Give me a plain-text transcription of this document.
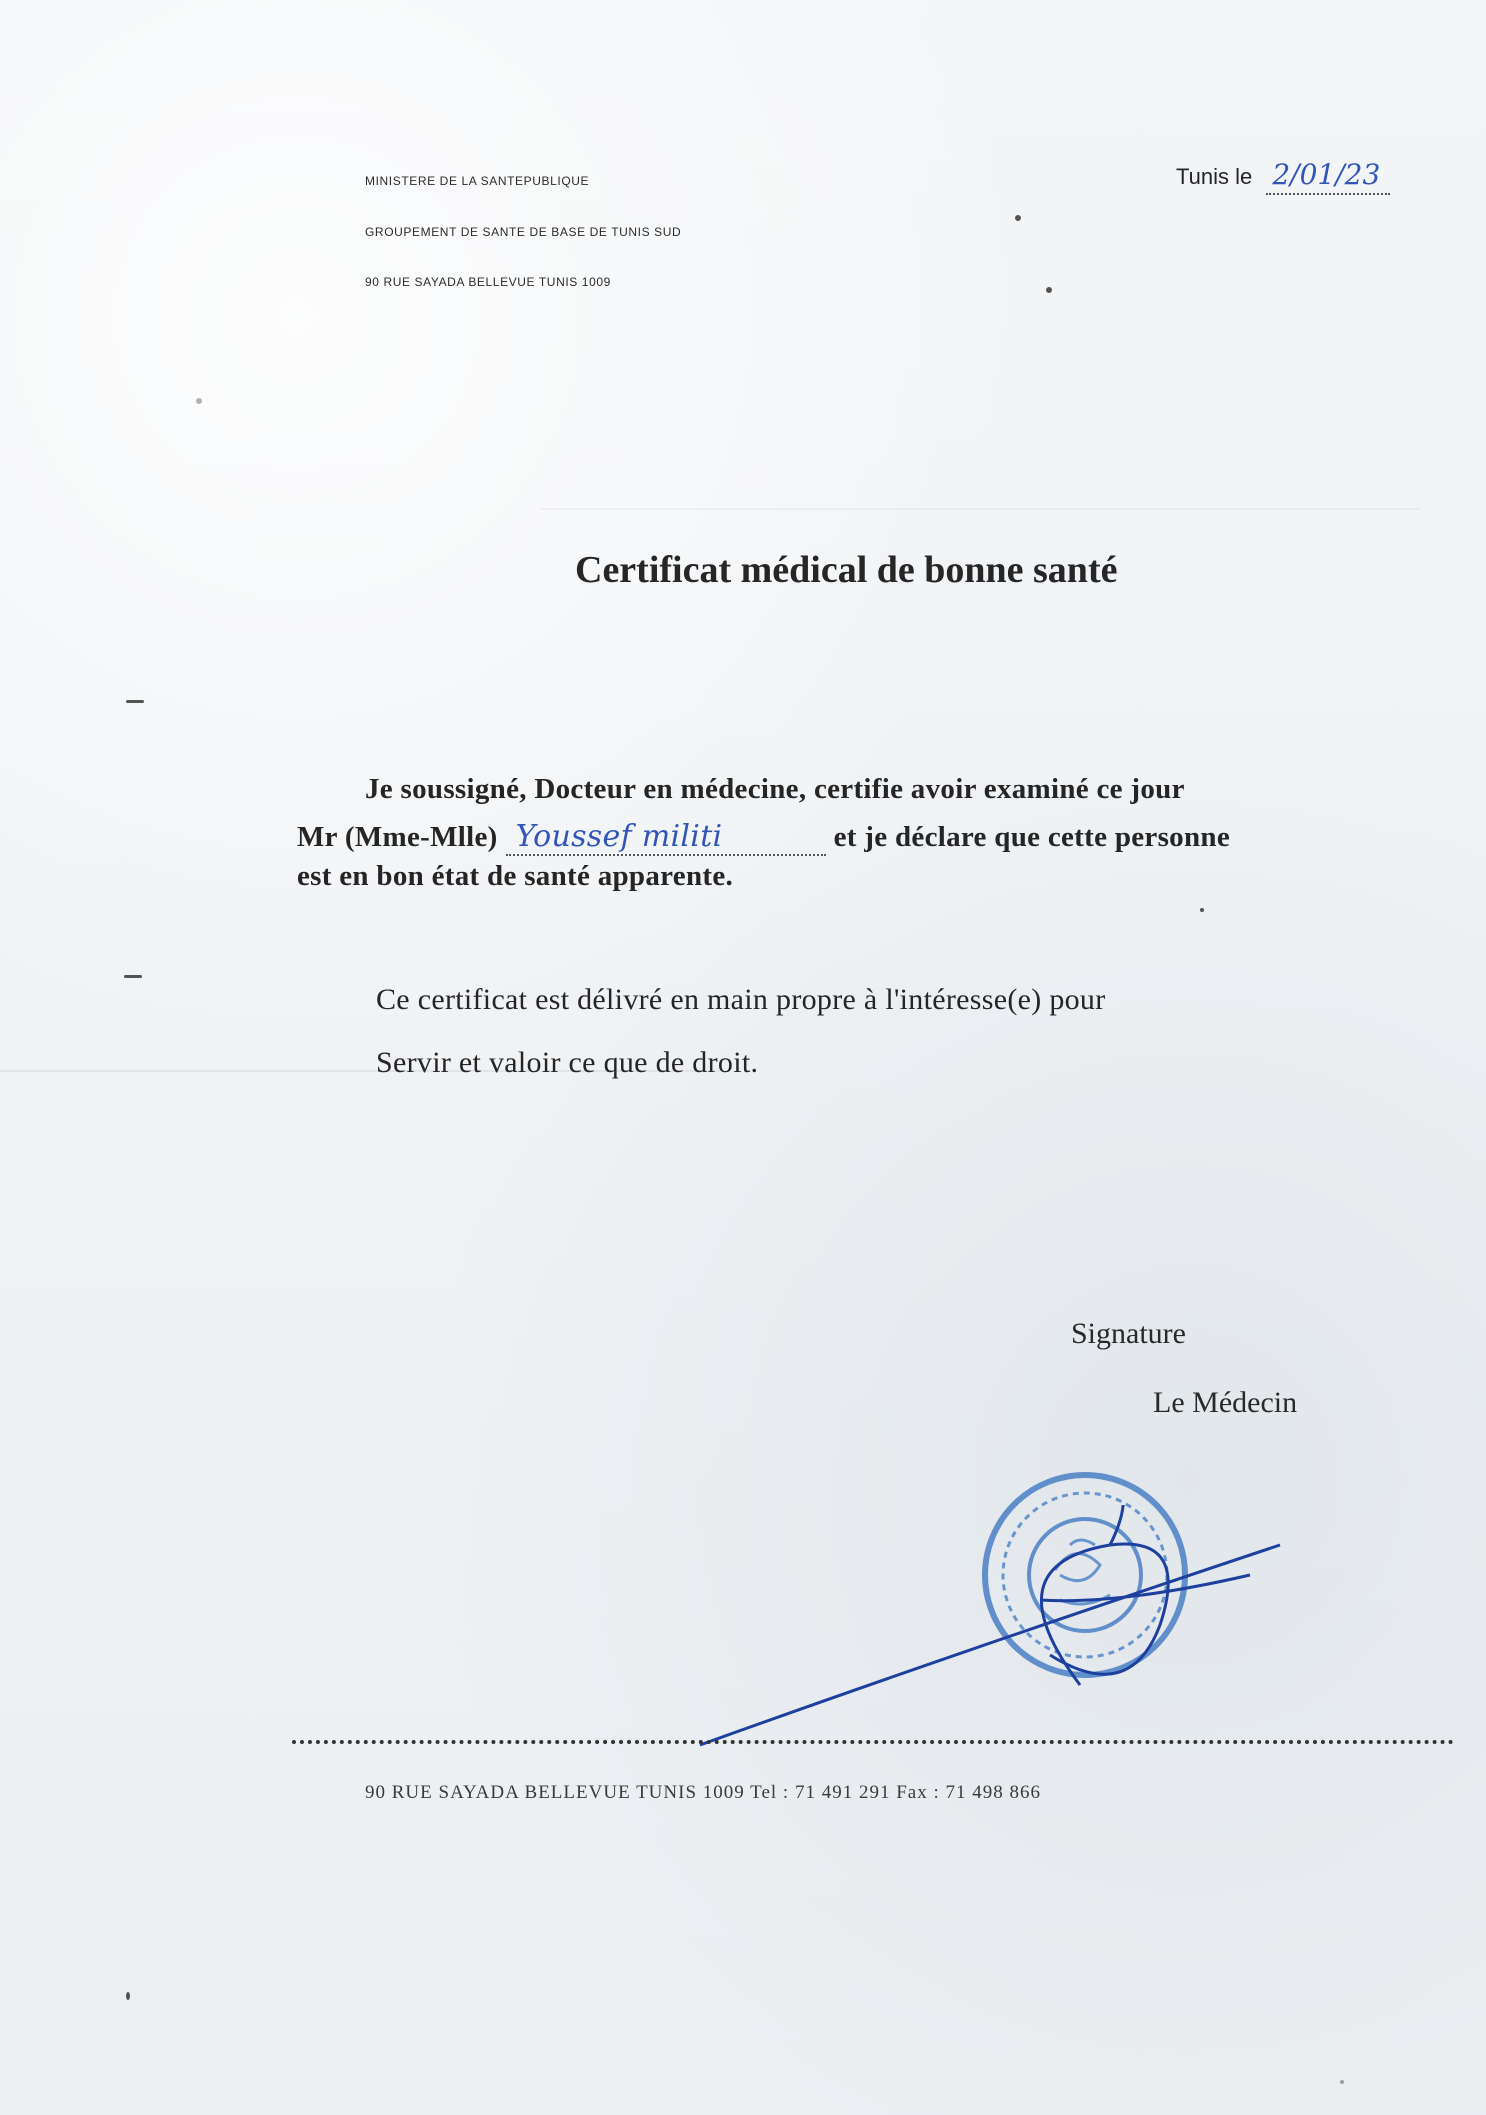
MINISTERE DE LA SANTEPUBLIQUE
GROUPEMENT DE SANTE DE BASE DE TUNIS SUD
90 RUE SAYADA BELLEVUE TUNIS 1009
Tunis le 2/01/23
Certificat médical de bonne santé
Je soussigné, Docteur en médecine, certifie avoir examiné ce jour
Mr (Mme-Mlle) Youssef militi	et je déclare que cette personne
est en bon état de santé apparente.
Ce certificat est délivré en main propre à l'intéresse(e) pour
Servir et valoir ce que de droit.
Signature
Le Médecin
90 RUE SAYADA BELLEVUE TUNIS 1009 Tel : 71 491 291 Fax : 71 498 866
